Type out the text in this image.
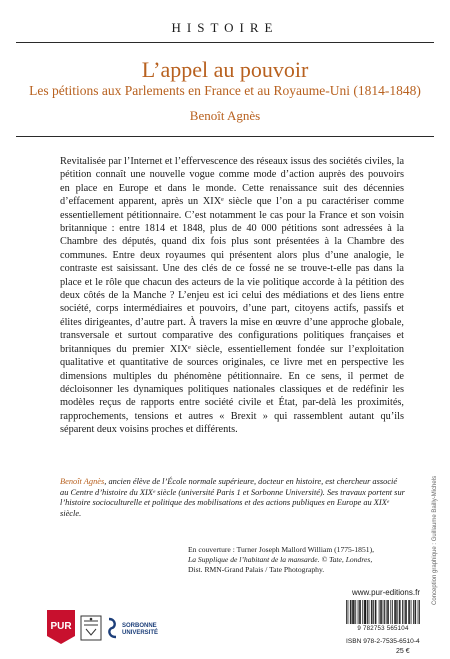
HISTOIRE
L’appel au pouvoir
Les pétitions aux Parlements en France et au Royaume-Uni (1814-1848)
Benoît Agnès
Revitalisée par l’Internet et l’effervescence des réseaux issus des sociétés civiles, la
pétition connaît une nouvelle vogue comme mode d’action auprès des pouvoirs
en place en Europe et dans le monde. Cette renaissance suit des décennies
d’effacement apparent, après un XIXᵉ siècle que l’on a pu caractériser comme
essentiellement pétitionnaire. C’est notamment le cas pour la France et son voisin
britannique : entre 1814 et 1848, plus de 40 000 pétitions sont adressées à la
Chambre des députés, quand dix fois plus sont présentées à la Chambre des
communes. Entre deux royaumes qui présentent alors plus d’une analogie, le
contraste est saisissant. Une des clés de ce fossé ne se trouve-t-elle pas dans la
place et le rôle que chacun des acteurs de la vie politique accorde à la pétition des
deux côtés de la Manche ? L’enjeu est ici celui des médiations et des liens entre
société, corps intermédiaires et pouvoirs, d’une part, citoyens actifs, passifs et
élites dirigeantes, d’autre part. À travers la mise en œuvre d’une approche globale,
transversale et surtout comparative des configurations politiques françaises et
britanniques du premier XIXᵉ siècle, essentiellement fondée sur l’exploitation
qualitative et quantitative de sources originales, ce livre met en perspective les
dimensions multiples du phénomène pétitionnaire. En ce sens, il permet de
décloisonner les dynamiques politiques nationales classiques et de redéfinir les
modèles reçus de rapports entre société civile et État, par-delà les proximités,
rapprochements, tensions et autres « Brexit » qui rassemblent autant qu’ils
séparent deux voisins proches et différents.
Benoît Agnès, ancien élève de l’École normale supérieure, docteur en histoire, est chercheur associé au Centre d’histoire du XIXᵉ siècle (université Paris 1 et Sorbonne Université). Ses travaux portent sur l’histoire socioculturelle et politique des mobilisations et des actions publiques en Europe au XIXᵉ siècle.
En couverture : Turner Joseph Mallord William (1775-1851),
La Supplique de l’habitant de la mansarde. © Tate, Londres,
Dist. RMN-Grand Palais / Tate Photography.	Conception graphique : Guillaume Bailly-Michels
www.pur-editions.fr
PUR	SORBONNE
UNIVERSITÉ
9 782753 565104
ISBN 978-2-7535-6510-4
25 €
